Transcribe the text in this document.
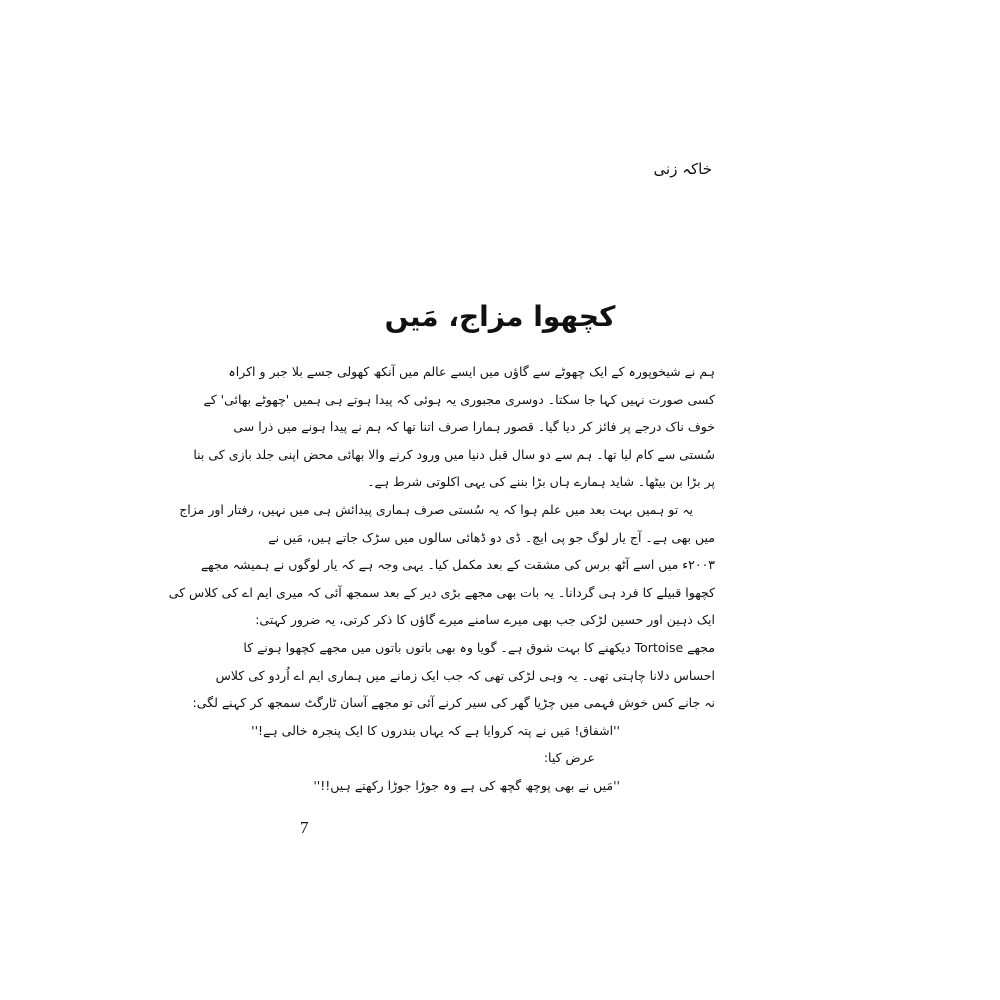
خاکہ زنی
کچھوا مزاج، مَیں
ہم نے شیخوپورہ کے ایک چھوٹے سے گاؤں میں ایسے عالم میں آنکھ کھولی جسے بلا جبر و اکراہ
کسی صورت نہیں کہا جا سکتا۔ دوسری مجبوری یہ ہوئی کہ پیدا ہوتے ہی ہمیں 'چھوٹے بھائی' کے
خوف ناک درجے پر فائز کر دیا گیا۔ قصور ہمارا صرف اتنا تھا کہ ہم نے پیدا ہونے میں ذرا سی
سُستی سے کام لیا تھا۔ ہم سے دو سال قبل دنیا میں ورود کرنے والا بھائی محض اپنی جلد بازی کی بنا
پر بڑا بن بیٹھا۔ شاید ہمارے ہاں بڑا بننے کی یہی اکلوتی شرط ہے۔
یہ تو ہمیں بہت بعد میں علم ہوا کہ یہ سُستی صرف ہماری پیدائش ہی میں نہیں، رفتار اور مزاج
میں بھی ہے۔ آج یار لوگ جو پی ایچ۔ ڈی دو ڈھائی سالوں میں سڑک جاتے ہیں، مَیں نے
۲۰۰۳ء میں اسے آٹھ برس کی مشقت کے بعد مکمل کیا۔ یہی وجہ ہے کہ یار لوگوں نے ہمیشہ مجھے
کچھوا قبیلے کا فرد ہی گردانا۔ یہ بات بھی مجھے بڑی دیر کے بعد سمجھ آئی کہ میری ایم اے کی کلاس کی
ایک ذہین اور حسین لڑکی جب بھی میرے سامنے میرے گاؤں کا ذکر کرتی، یہ ضرور کہتی:
مجھے Tortoise دیکھنے کا بہت شوق ہے۔ گویا وہ بھی باتوں باتوں میں مجھے کچھوا ہونے کا
احساس دلانا چاہتی تھی۔ یہ وہی لڑکی تھی کہ جب ایک زمانے میں ہماری ایم اے اُردو کی کلاس
نہ جانے کس خوش فہمی میں چڑیا گھر کی سیر کرنے آئی تو مجھے آسان ٹارگٹ سمجھ کر کہنے لگی:
''اشفاق! مَیں نے پتہ کروایا ہے کہ یہاں بندروں کا ایک پنجرہ خالی ہے!''
عرض کیا:
''مَیں نے بھی پوچھ گچھ کی ہے وہ جوڑا جوڑا رکھتے ہیں!!''
7
